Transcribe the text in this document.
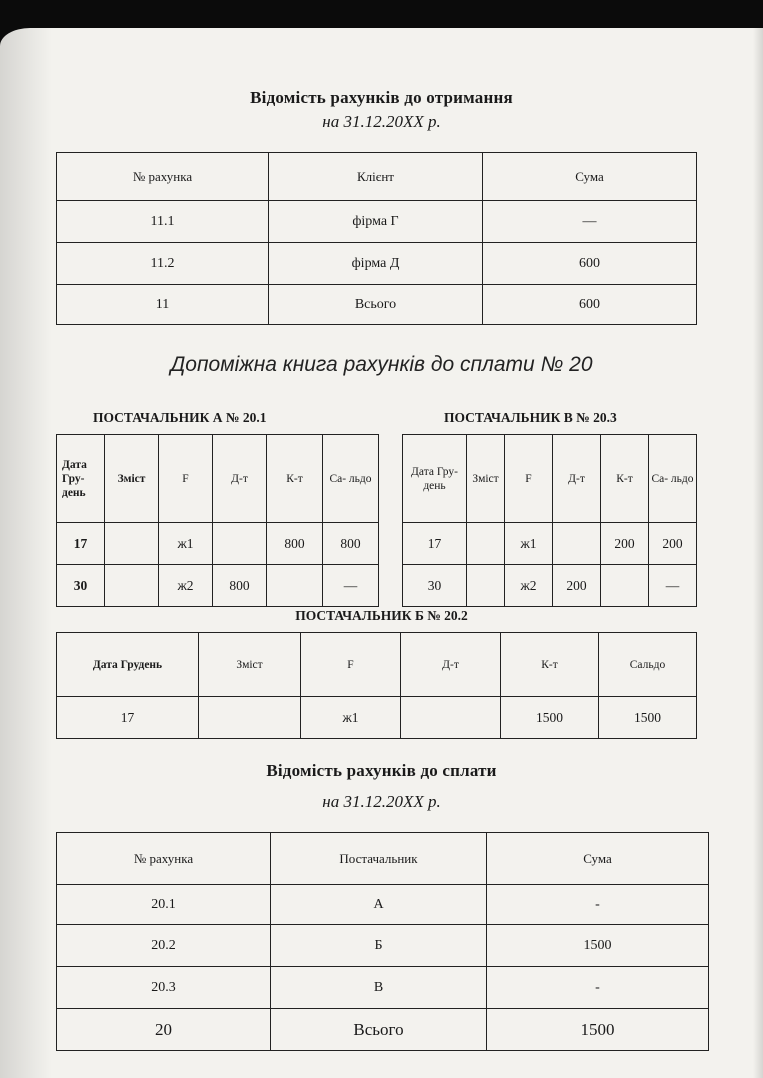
Відомість рахунків до отримання
на 31.12.20ХХ р.
№ рахунка	Клієнт	Сума
11.1	фірма Г	—
11.2	фірма Д	600
11	Всього	600
Допоміжна книга рахунків до сплати № 20
ПОСТАЧАЛЬНИК А № 20.1
Дата Гру- день	Зміст	F	Д-т	К-т	Са- льдо
17		ж1		800	800
30		ж2	800		—
ПОСТАЧАЛЬНИК В № 20.3
Дата Гру- день	Зміст	F	Д-т	К-т	Са- льдо
17		ж1		200	200
30		ж2	200		—
ПОСТАЧАЛЬНИК Б № 20.2
Дата Грудень	Зміст	F	Д-т	К-т	Сальдо
17		ж1		1500	1500
Відомість рахунків до сплати
на 31.12.20ХХ р.
№ рахунка	Постачальник	Сума
20.1	А	-
20.2	Б	1500
20.3	В	-
20	Всього	1500
